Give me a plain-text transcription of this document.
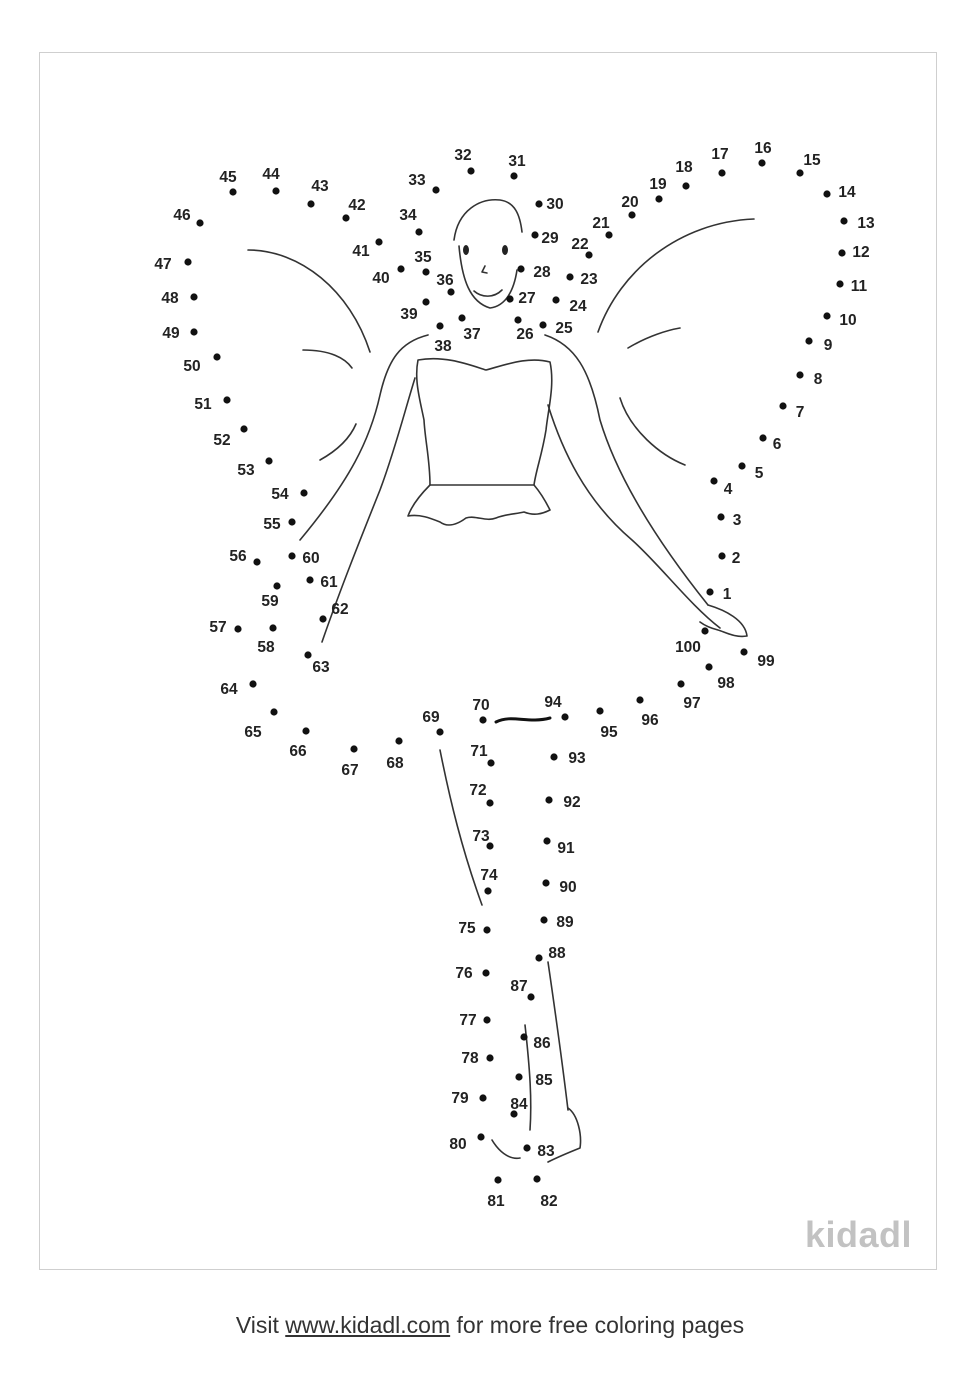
1
2
3
4
5
6
7
8
9
10
11
12
13
14
15
16
17
18
19
20
21
22
23
24
25
26
27
28
29
30
31
32
33
34
35
36
37
38
39
40
41
42
43
44
45
46
47
48
49
50
51
52
53
54
55
56
57
58
59
60
61
62
63
64
65
66
67 68
69
70
71
72
73
74
75
76
77
78
79
80
81 82
83
84
85
86
87
88
89
90
91
92
93
94
95
96
97
98
99
100
kidadl
Visit www.kidadl.com for more free coloring pages
